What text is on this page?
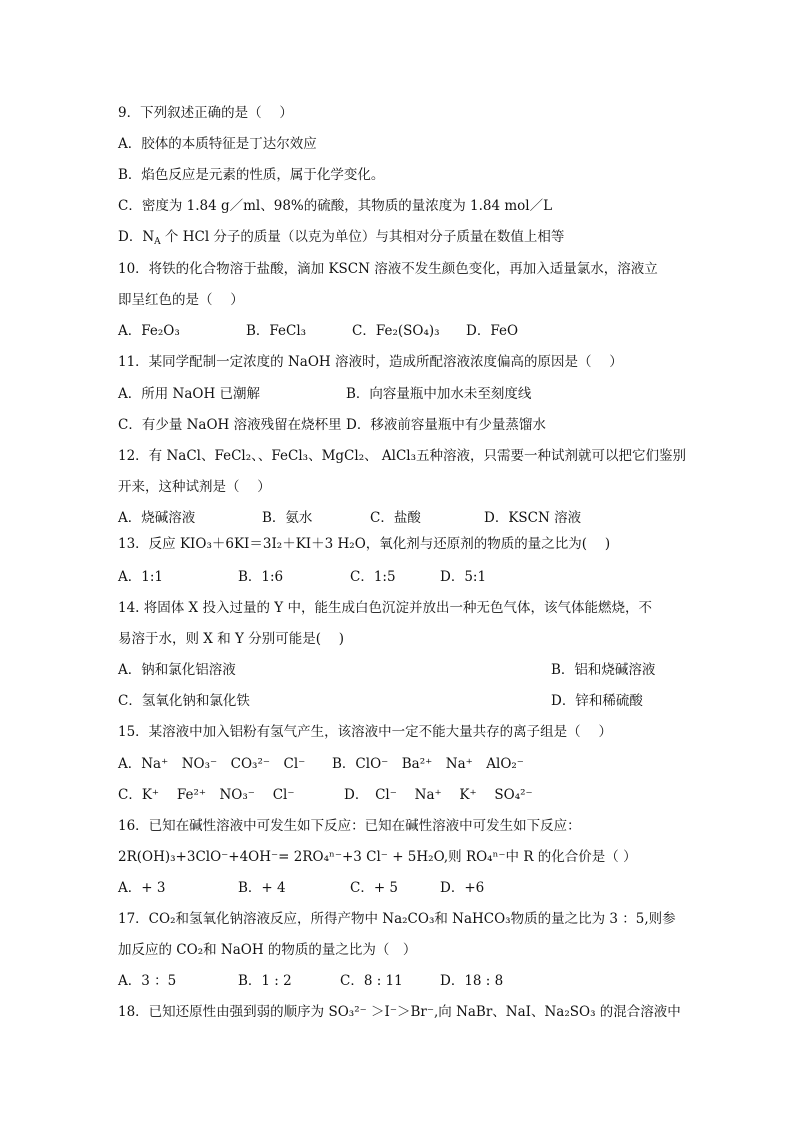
9．下列叙述正确的是（　 ）
A．胶体的本质特征是丁达尔效应
B．焰色反应是元素的性质，属于化学变化。
C．密度为 1.84 g／ml、98%的硫酸，其物质的量浓度为 1.84 mol／L
D．$N_A$ 个 HCl 分子的质量（以克为单位）与其相对分子质量在数值上相等
10．将铁的化合物溶于盐酸，滴加 KSCN 溶液不发生颜色变化，再加入适量氯水，溶液立
即呈红色的是（　 ）
A．Fe₂O₃	B．FeCl₃	C．Fe₂(SO₄)₃ D．FeO
11．某同学配制一定浓度的 NaOH 溶液时，造成所配溶液浓度偏高的原因是（　 ）
A．所用 NaOH 已潮解	B．向容量瓶中加水未至刻度线
C．有少量 NaOH 溶液残留在烧杯里 D．移液前容量瓶中有少量蒸馏水
12．有 NaCl、FeCl₂、、FeCl₃、MgCl₂、 AlCl₃五种溶液，只需要一种试剂就可以把它们鉴别
开来，这种试剂是（　 ）
A．烧碱溶液	B．氨水	C．盐酸	D．KSCN 溶液
13．反应 KIO₃＋6KI＝3I₂＋KI＋3 H₂O，氧化剂与还原剂的物质的量之比为(　 )
A．1:1	B．1:6	C．1:5	D．5:1
14. 将固体 X 投入过量的 Y 中，能生成白色沉淀并放出一种无色气体，该气体能燃烧，不
易溶于水，则 X 和 Y 分别可能是(　 )
A．钠和氯化铝溶液	B．铝和烧碱溶液
C．氢氧化钠和氯化铁	D．锌和稀硫酸
15．某溶液中加入铝粉有氢气产生，该溶液中一定不能大量共存的离子组是（　 ）
A．Na⁺　NO₃⁻　CO₃²⁻　Cl⁻ B．ClO⁻　Ba²⁺　Na⁺　AlO₂⁻
C．K⁺　 Fe²⁺　NO₃⁻　 Cl⁻	D．　Cl⁻　 Na⁺　 K⁺　 SO₄²⁻
16．已知在碱性溶液中可发生如下反应：已知在碱性溶液中可发生如下反应：
2R(OH)₃+3ClO⁻+4OH⁻= 2RO₄ⁿ⁻+3 Cl⁻ + 5H₂O,则 RO₄ⁿ⁻中 R 的化合价是（ ）
A．+ 3	B．+ 4	C．+ 5	D．+6
17．CO₂和氢氧化钠溶液反应，所得产物中 Na₂CO₃和 NaHCO₃物质的量之比为 3 ：5,则参
加反应的 CO₂和 NaOH 的物质的量之比为（　）
A．3 ：5	B．1 : 2	C．8 : 11	D．18 : 8
18．已知还原性由强到弱的顺序为 SO₃²⁻ ＞I⁻＞Br⁻,向 NaBr、NaI、Na₂SO₃ 的混合溶液中
